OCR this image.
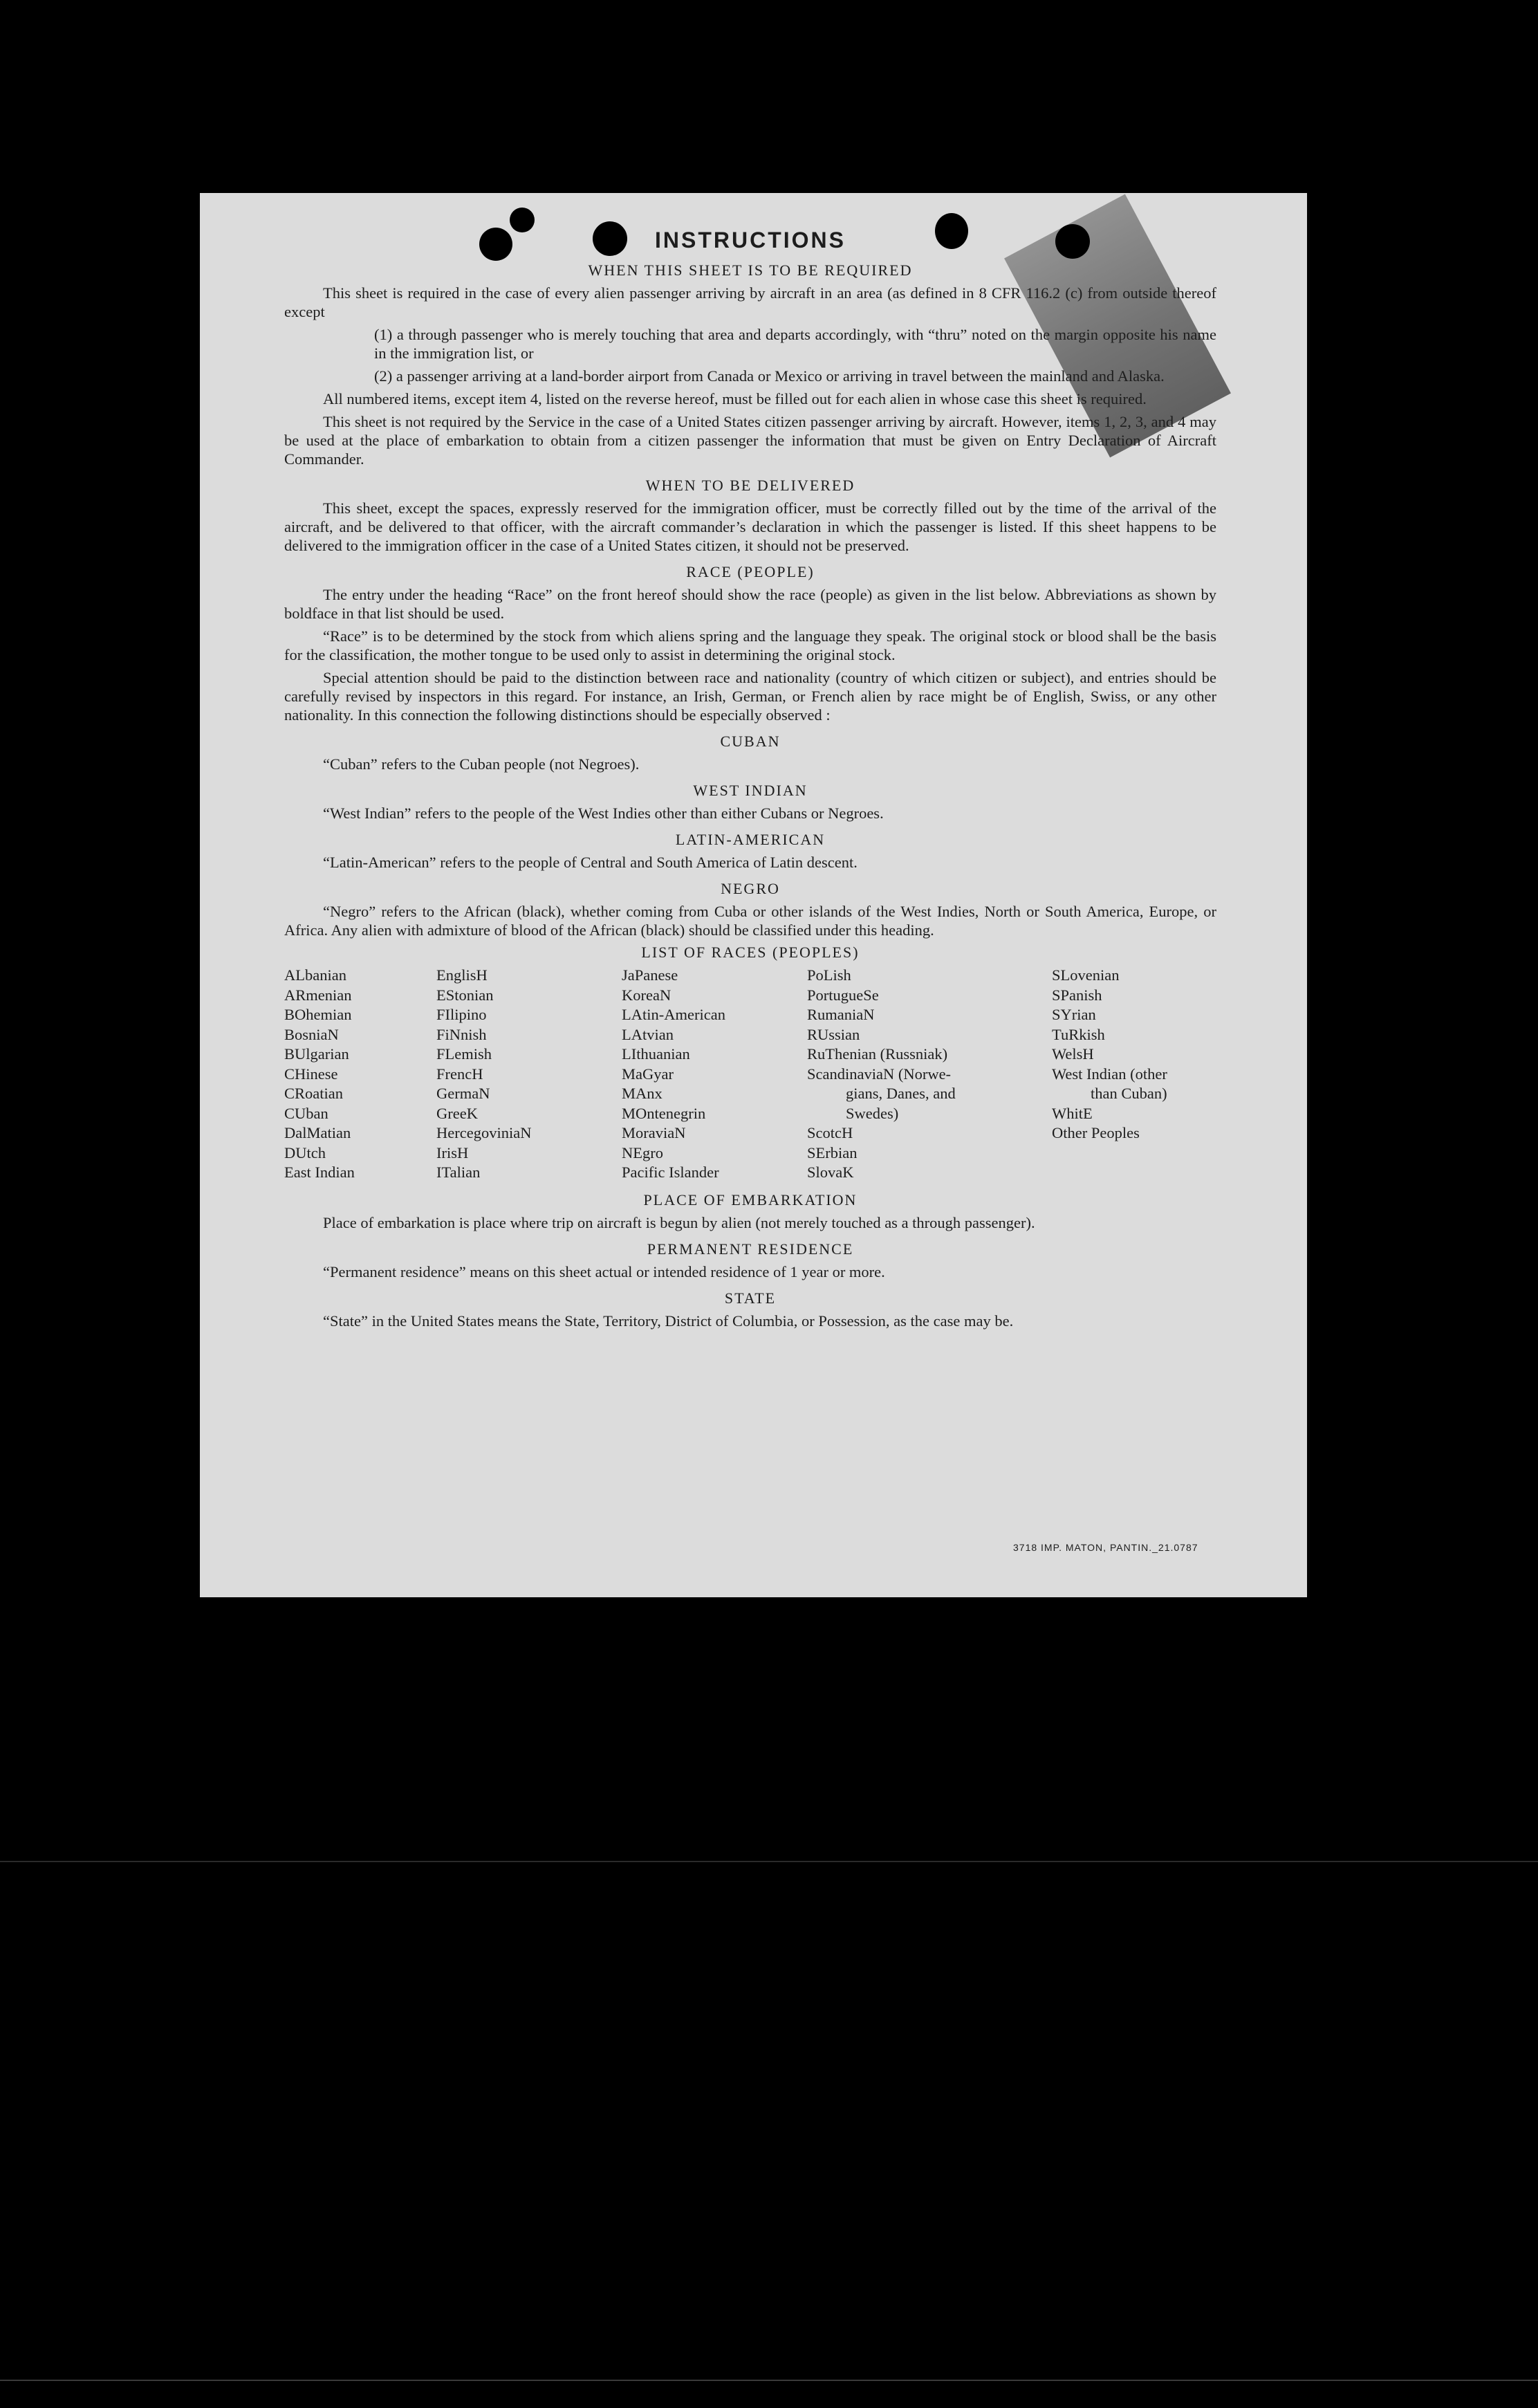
INSTRUCTIONS
WHEN THIS SHEET IS TO BE REQUIRED

This sheet is required in the case of every alien passenger arriving by aircraft in an area (as defined in 8 CFR 116.2 (c) from outside thereof except

(1) a through passenger who is merely touching that area and departs accordingly, with “thru” noted on the margin opposite his name in the immigration list, or

(2) a passenger arriving at a land-border airport from Canada or Mexico or arriving in travel between the mainland and Alaska.

All numbered items, except item 4, listed on the reverse hereof, must be filled out for each alien in whose case this sheet is required.

This sheet is not required by the Service in the case of a United States citizen passenger arriving by aircraft. However, items 1, 2, 3, and 4 may be used at the place of embarkation to obtain from a citizen passenger the information that must be given on Entry Declaration of Aircraft Commander.

WHEN TO BE DELIVERED

This sheet, except the spaces, expressly reserved for the immigration officer, must be correctly filled out by the time of the arrival of the aircraft, and be delivered to that officer, with the aircraft commander’s declaration in which the passenger is listed. If this sheet happens to be delivered to the immigration officer in the case of a United States citizen, it should not be preserved.

RACE (PEOPLE)

The entry under the heading “Race” on the front hereof should show the race (people) as given in the list below. Abbreviations as shown by boldface in that list should be used.

“Race” is to be determined by the stock from which aliens spring and the language they speak. The original stock or blood shall be the basis for the classification, the mother tongue to be used only to assist in determining the original stock.

Special attention should be paid to the distinction between race and nationality (country of which citizen or subject), and entries should be carefully revised by inspectors in this regard. For instance, an Irish, German, or French alien by race might be of English, Swiss, or any other nationality. In this connection the following distinctions should be especially observed :

CUBAN

“Cuban” refers to the Cuban people (not Negroes).

WEST INDIAN

“West Indian” refers to the people of the West Indies other than either Cubans or Negroes.

LATIN-AMERICAN

“Latin-American” refers to the people of Central and South America of Latin descent.

NEGRO

“Negro” refers to the African (black), whether coming from Cuba or other islands of the West Indies, North or South America, Europe, or Africa. Any alien with admixture of blood of the African (black) should be classified under this heading.

LIST OF RACES (PEOPLES)
ALbanian
ARmenian
BOhemian
BosniaN
BUlgarian
CHinese
CRoatian
CUban
DalMatian
DUtch
East Indian
EnglisH
EStonian
FIlipino
FiNnish
FLemish
FrencH
GermaN
GreeK
HercegoviniaN
IrisH
ITalian
JaPanese
KoreaN
LAtin-American
LAtvian
LIthuanian
MaGyar
MAnx
MOntenegrin
MoraviaN
NEgro
Pacific Islander
PoLish
PortugueSe
RumaniaN
RUssian
RuThenian (Russniak)
ScandinaviaN (Norwe-
gians, Danes, and
Swedes)
ScotcH
SErbian
SlovaK
SLovenian
SPanish
SYrian
TuRkish
WelsH
West Indian (other
than Cuban)
WhitE
Other Peoples
PLACE OF EMBARKATION

Place of embarkation is place where trip on aircraft is begun by alien (not merely touched as a through passenger).

PERMANENT RESIDENCE

“Permanent residence” means on this sheet actual or intended residence of 1 year or more.

STATE

“State” in the United States means the State, Territory, District of Columbia, or Possession, as the case may be.

3718 IMP. MATON, PANTIN._21.0787
